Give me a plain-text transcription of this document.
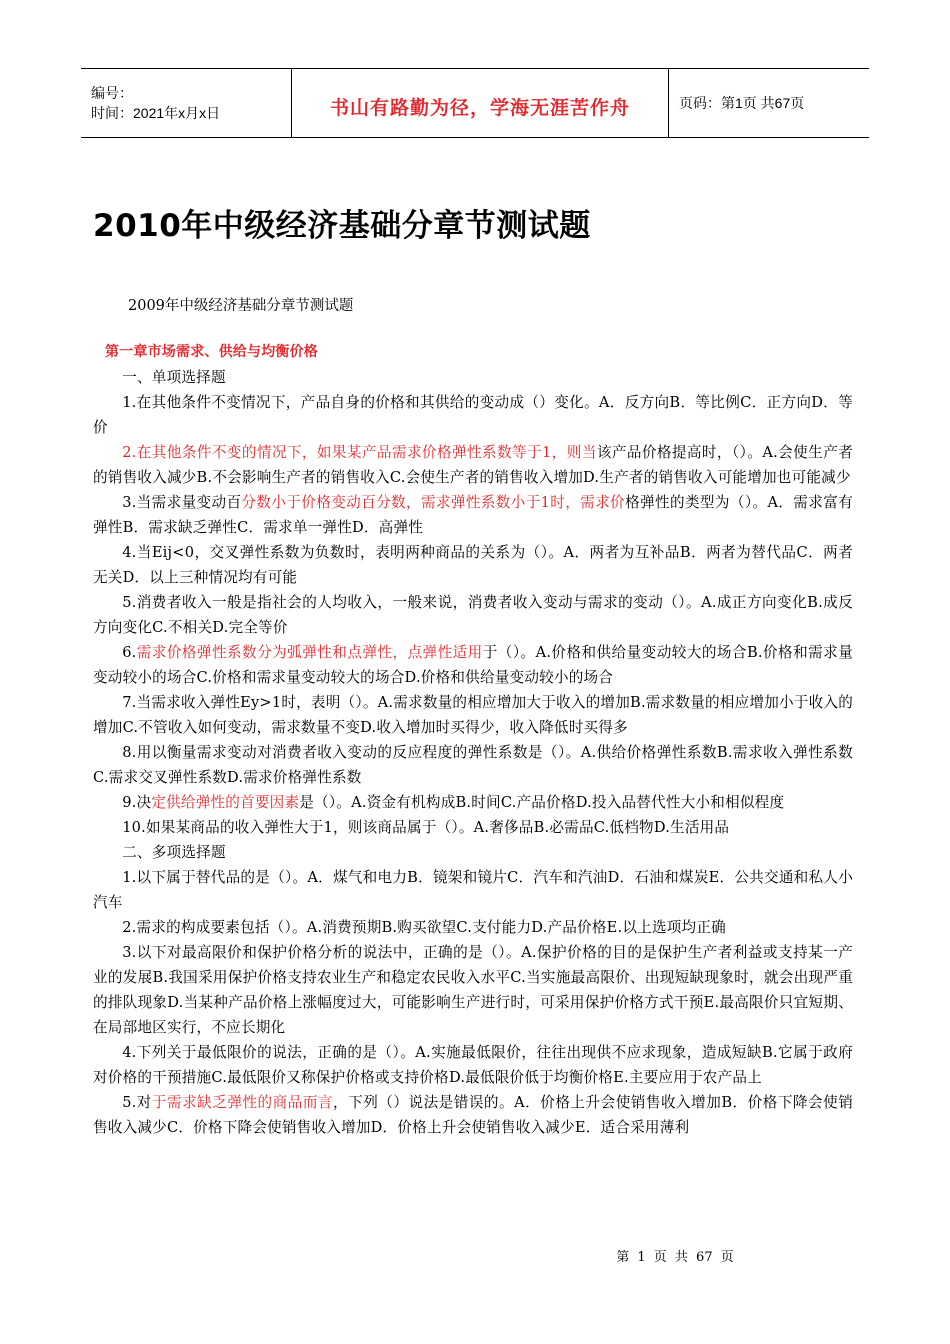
编号：
时间：2021年x月x日	书山有路勤为径，学海无涯苦作舟	页码：第1页 共67页
2010年中级经济基础分章节测试题
2009年中级经济基础分章节测试题

第一章市场需求、供给与均衡价格

一、单项选择题

1.在其他条件不变情况下，产品自身的价格和其供给的变动成（）变化。A．反方向B．等比例C．正方向D．等价

2.在其他条件不变的情况下，如果某产品需求价格弹性系数等于1，则当该产品价格提高时，（）。A.会使生产者的销售收入减少B.不会影响生产者的销售收入C.会使生产者的销售收入增加D.生产者的销售收入可能增加也可能减少

3.当需求量变动百分数小于价格变动百分数，需求弹性系数小于1时，需求价格弹性的类型为（）。A．需求富有弹性B．需求缺乏弹性C．需求单一弹性D．高弹性

4.当Eij<0，交叉弹性系数为负数时，表明两种商品的关系为（）。A．两者为互补品B．两者为替代品C．两者无关D．以上三种情况均有可能

5.消费者收入一般是指社会的人均收入，一般来说，消费者收入变动与需求的变动（）。A.成正方向变化B.成反方向变化C.不相关D.完全等价

6.需求价格弹性系数分为弧弹性和点弹性，点弹性适用于（）。A.价格和供给量变动较大的场合B.价格和需求量变动较小的场合C.价格和需求量变动较大的场合D.价格和供给量变动较小的场合

7.当需求收入弹性Ey>1时，表明（）。A.需求数量的相应增加大于收入的增加B.需求数量的相应增加小于收入的增加C.不管收入如何变动，需求数量不变D.收入增加时买得少，收入降低时买得多

8.用以衡量需求变动对消费者收入变动的反应程度的弹性系数是（）。A.供给价格弹性系数B.需求收入弹性系数C.需求交叉弹性系数D.需求价格弹性系数

9.决定供给弹性的首要因素是（）。A.资金有机构成B.时间C.产品价格D.投入品替代性大小和相似程度

10.如果某商品的收入弹性大于1，则该商品属于（）。A.奢侈品B.必需品C.低档物D.生活用品

二、多项选择题

1.以下属于替代品的是（）。A．煤气和电力B．镜架和镜片C．汽车和汽油D．石油和煤炭E．公共交通和私人小汽车

2.需求的构成要素包括（）。A.消费预期B.购买欲望C.支付能力D.产品价格E.以上选项均正确

3.以下对最高限价和保护价格分析的说法中，正确的是（）。A.保护价格的目的是保护生产者利益或支持某一产业的发展B.我国采用保护价格支持农业生产和稳定农民收入水平C.当实施最高限价、出现短缺现象时，就会出现严重的排队现象D.当某种产品价格上涨幅度过大，可能影响生产进行时，可采用保护价格方式干预E.最高限价只宜短期、在局部地区实行，不应长期化

4.下列关于最低限价的说法，正确的是（）。A.实施最低限价，往往出现供不应求现象，造成短缺B.它属于政府对价格的干预措施C.最低限价又称保护价格或支持价格D.最低限价低于均衡价格E.主要应用于农产品上

5.对于需求缺乏弹性的商品而言，下列（）说法是错误的。A．价格上升会使销售收入增加B．价格下降会使销售收入减少C．价格下降会使销售收入增加D．价格上升会使销售收入减少E．适合采用薄利

第 1 页 共 67 页
